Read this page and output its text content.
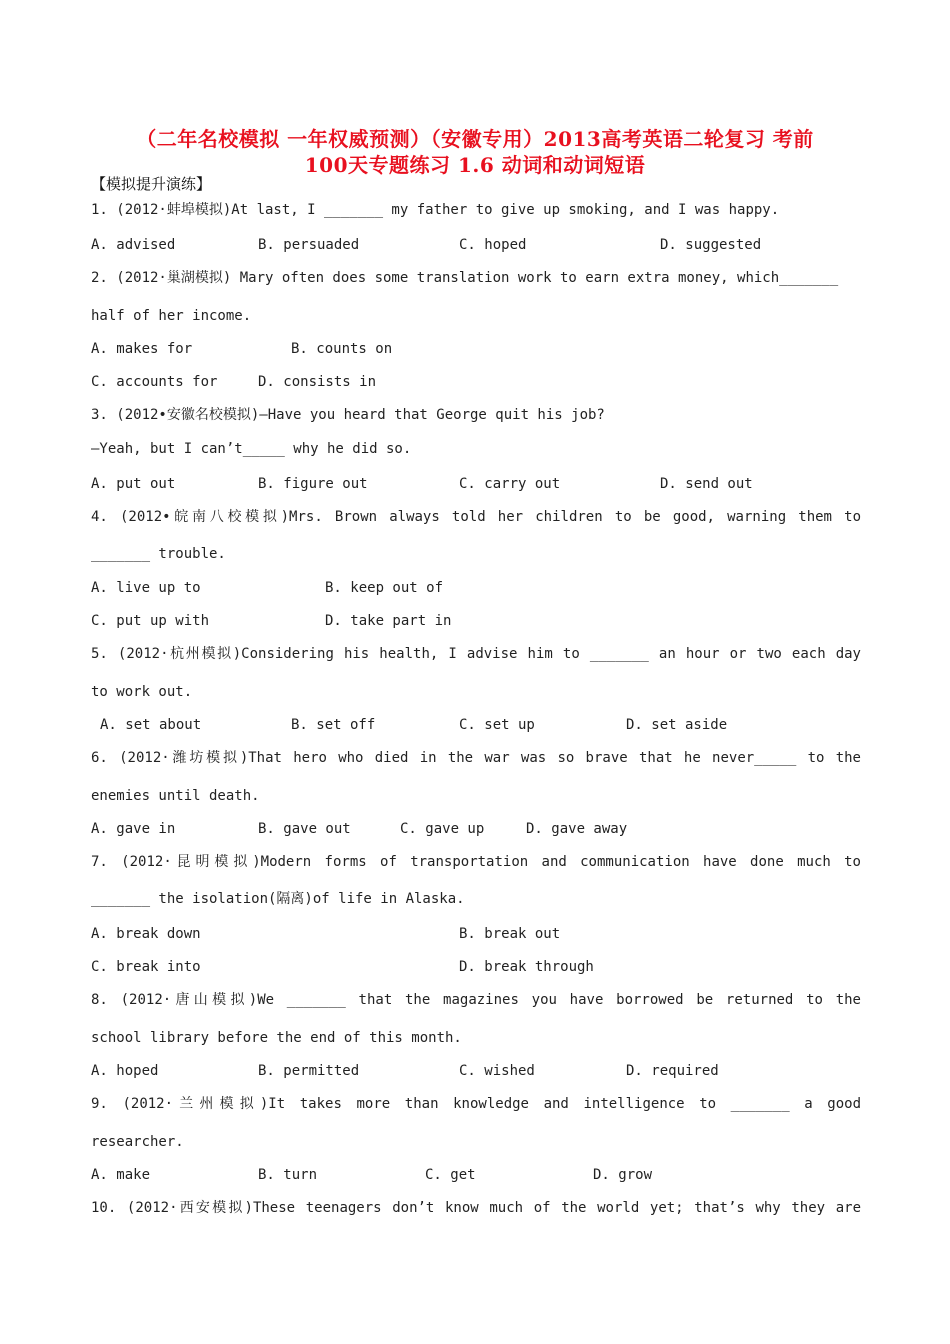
（二年名校模拟 一年权威预测）（安徽专用）2013高考英语二轮复习 考前
100天专题练习 1.6 动词和动词短语
【模拟提升演练】
1. (2012·蚌埠模拟)At last, I _______ my father to give up smoking, and I was happy.
A. advised	B. persuaded	C. hoped	D. suggested
2. (2012·巢湖模拟) Mary often does some translation work to earn extra money, which_______
half of her income.
A. makes for	B. counts on
C. accounts for	D. consists in
3. (2012•安徽名校模拟)—Have you heard that George quit his job?
—Yeah, but I can’t_____ why he did so.
A. put out	B. figure out	C. carry out	D. send out
4. (2012•皖南八校模拟)Mrs. Brown always told her children to be good, warning them to
_______ trouble.
A. live up to	B. keep out of
C. put up with	D. take part in
5. (2012·杭州模拟)Considering his health, I advise him to _______ an hour or two each day
to work out.
A. set about	B. set off	C. set up	D. set aside
6. (2012·潍坊模拟)That hero who died in the war was so brave that he never_____ to the
enemies until death.
A. gave in	B. gave out	C. gave up	D. gave away
7. (2012·昆明模拟)Modern forms of transportation and communication have done much to
_______ the isolation(隔离)of life in Alaska.
A. break down	B. break out
C. break into	D. break through
8. (2012·唐山模拟)We _______ that the magazines you have borrowed be returned to the
school library before the end of this month.
A. hoped	B. permitted	C. wished	D. required
9. (2012·兰州模拟)It takes more than knowledge and intelligence to _______ a good
researcher.
A. make	B. turn	C. get	D. grow
10. (2012·西安模拟)These teenagers don’t know much of the world yet; that’s why they are
